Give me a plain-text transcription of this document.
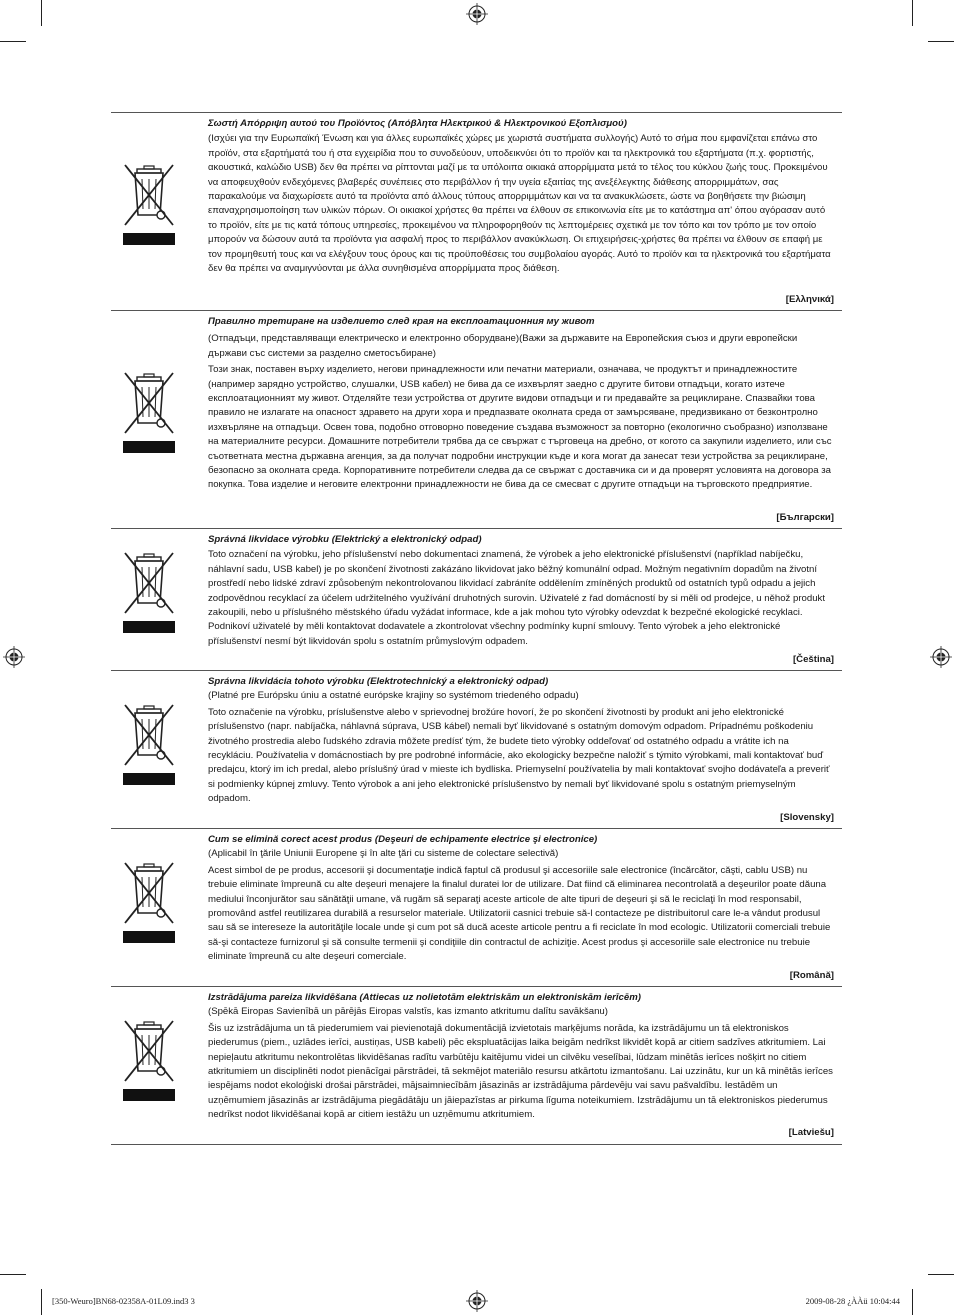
Σωστή Απόρριψη αυτού του Προϊόντος (Απόβλητα Ηλεκτρικού & Ηλεκτρονικού Εξοπλισμού)

(Ισχύει για την Ευρωπαϊκή Ένωση και για άλλες ευρωπαϊκές χώρες με χωριστά συστήματα συλλογής) Αυτό το σήμα που εμφανίζεται επάνω στο προϊόν, στα εξαρτήματά του ή στα εγχειρίδια που το συνοδεύουν, υποδεικνύει ότι το προϊόν και τα ηλεκτρονικά του εξαρτήματα (π.χ. φορτιστής, ακουστικά, καλώδιο USB) δεν θα πρέπει να ρίπτονται μαζί με τα υπόλοιπα οικιακά απορρίμματα μετά το τέλος του κύκλου ζωής τους. Προκειμένου να αποφευχθούν ενδεχόμενες βλαβερές συνέπειες στο περιβάλλον ή την υγεία εξαιτίας της ανεξέλεγκτης διάθεσης απορριμμάτων, σας παρακαλούμε να διαχωρίσετε αυτό τα προϊόντα από άλλους τύπους απορριμμάτων και να τα ανακυκλώσετε, ώστε να βοηθήσετε την βιώσιμη επαναχρησιμοποίηση των υλικών πόρων. Οι οικιακοί χρήστες θα πρέπει να έλθουν σε επικοινωνία είτε με το κατάστημα απ' όπου αγόρασαν αυτό το προϊόν, είτε με τις κατά τόπους υπηρεσίες, προκειμένου να πληροφορηθούν τις λεπτομέρειες σχετικά με τον τόπο και τον τρόπο με τον οποίο μπορούν να δώσουν αυτά τα προϊόντα για ασφαλή προς το περιβάλλον ανακύκλωση. Οι επιχειρήσεις-χρήστες θα πρέπει να έλθουν σε επαφή με τον προμηθευτή τους και να ελέγξουν τους όρους και τις προϋποθέσεις του συμβολαίου αγοράς. Αυτό το προϊόν και τα ηλεκτρονικά του εξαρτήματα δεν θα πρέπει να αναμιγνύονται με άλλα συνηθισμένα απορρίμματα προς διάθεση.

[Ελληνικά]

Правилно третиране на изделието след края на експлоатационния му живот

(Отпадъци, представляващи електрическо и електронно оборудване)(Важи за държавите на Европейския съюз и други европейски държави със системи за разделно сметосъбиране)

Този знак, поставен върху изделието, негови принадлежности или печатни материали, означава, че продуктът и принадлежностите (например зарядно устройство, слушалки, USB кабел) не бива да се изхвърлят заедно с другите битови отпадъци, когато изтече експлоатационният му живот. Отделяйте тези устройства от другите видови отпадъци и ги предавайте за рециклиране. Спазвайки това правило не излагате на опасност здравето на други хора и предпазвате околната среда от замърсяване, предизвикано от безконтролно изхвърляне на отпадъци. Освен това, подобно отговорно поведение създава възможност за повторно (екологично съобразно) използване на материалните ресурси. Домашните потребители трябва да се свържат с търговеца на дребно, от когото са закупили изделието, или със съответната местна държавна агенция, за да получат подробни инструкции къде и кога могат да занесат тези устройства за рециклиране, безопасно за околната среда. Корпоративните потребители следва да се свържат с доставчика си и да проверят условията на договора за покупка. Това изделие и неговите електронни принадлежности не бива да се смесват с другите отпадъци на търговското предприятие.

[Български]

Správná likvidace výrobku (Elektrický a elektronický odpad)

Toto označení na výrobku, jeho příslušenství nebo dokumentaci znamená, že výrobek a jeho elektronické příslušenství (například nabíječku, náhlavní sadu, USB kabel) je po skončení životnosti zakázáno likvidovat jako běžný komunální odpad. Možným negativním dopadům na životní prostředí nebo lidské zdraví způsobeným nekontrolovanou likvidací zabráníte oddělením zmíněných produktů od ostatních typů odpadu a jejich zodpovědnou recyklací za účelem udržitelného využívání druhotných surovin. Uživatelé z řad domácností by si měli od prodejce, u něhož produkt zakoupili, nebo u příslušného městského úřadu vyžádat informace, kde a jak mohou tyto výrobky odevzdat k bezpečné ekologické recyklaci. Podnikoví uživatelé by měli kontaktovat dodavatele a zkontrolovat všechny podmínky kupní smlouvy. Tento výrobek a jeho elektronické příslušenství nesmí být likvidován spolu s ostatním průmyslovým odpadem.

[Čeština]

Správna likvidácia tohoto výrobku (Elektrotechnický a elektronický odpad)

(Platné pre Európsku úniu a ostatné európske krajiny so systémom triedeného odpadu)

Toto označenie na výrobku, príslušenstve alebo v sprievodnej brožúre hovorí, že po skončení životnosti by produkt ani jeho elektronické príslušenstvo (napr. nabíjačka, náhlavná súprava, USB kábel) nemali byť likvidované s ostatným domovým odpadom. Prípadnému poškodeniu životného prostredia alebo ľudského zdravia môžete predísť tým, že budete tieto výrobky oddeľovať od ostatného odpadu a vrátite ich na recykláciu. Používatelia v domácnostiach by pre podrobné informácie, ako ekologicky bezpečne naložiť s týmito výrobkami, mali kontaktovať buď predajcu, ktorý im ich predal, alebo príslušný úrad v mieste ich bydliska. Priemyselní používatelia by mali kontaktovať svojho dodávateľa a preveriť si podmienky kúpnej zmluvy. Tento výrobok a ani jeho elektronické príslušenstvo by nemali byť likvidované spolu s ostatným priemyselným odpadom.

[Slovensky]

Cum se elimină corect acest produs (Deşeuri de echipamente electrice şi electronice)

(Aplicabil în ţările Uniunii Europene şi în alte ţări cu sisteme de colectare selectivă)

Acest simbol de pe produs, accesorii şi documentaţie indică faptul că produsul şi accesoriile sale electronice (încărcător, căşti, cablu USB) nu trebuie eliminate împreună cu alte deşeuri menajere la finalul duratei lor de utilizare. Dat fiind că eliminarea necontrolată a deşeurilor poate dăuna mediului înconjurător sau sănătăţii umane, vă rugăm să separaţi aceste articole de alte tipuri de deşeuri şi să le reciclaţi în mod responsabil, promovând astfel reutilizarea durabilă a resurselor materiale. Utilizatorii casnici trebuie să-l contacteze pe distribuitorul care le-a vândut produsul sau să se intereseze la autorităţile locale unde şi cum pot să ducă aceste articole pentru a fi reciclate în mod ecologic. Utilizatorii comerciali trebuie să-şi contacteze furnizorul şi să consulte termenii şi condiţiile din contractul de achiziţie. Acest produs şi accesoriile sale electronice nu trebuie eliminate împreună cu alte deşeuri comerciale.

[Română]

Izstrādājuma pareiza likvidēšana (Attiecas uz nolietotām elektriskām un elektroniskām ierīcēm)

(Spēkā Eiropas Savienībā un pārējās Eiropas valstīs, kas izmanto atkritumu dalītu savākšanu)

Šis uz izstrādājuma un tā piederumiem vai pievienotajā dokumentācijā izvietotais marķējums norāda, ka izstrādājumu un tā elektroniskos piederumus (piem., uzlādes ierīci, austiņas, USB kabeli) pēc ekspluatācijas laika beigām nedrīkst likvidēt kopā ar citiem sadzīves atkritumiem. Lai nepieļautu atkritumu nekontrolētas likvidēšanas radītu varbūtēju kaitējumu videi un cilvēku veselībai, lūdzam minētās ierīces nošķirt no citiem atkritumiem un disciplinēti nodot pienācīgai pārstrādei, tā sekmējot materiālo resursu atkārtotu izmantošanu. Lai uzzinātu, kur un kā minētās ierīces iespējams nodot ekoloģiski drošai pārstrādei, mājsaimniecībām jāsazinās ar izstrādājuma pārdevēju vai savu pašvaldību. Iestādēm un uzņēmumiem jāsazinās ar izstrādājuma piegādātāju un jāiepazīstas ar pirkuma līguma noteikumiem. Izstrādājumu un tā elektroniskos piederumus nedrīkst nodot likvidēšanai kopā ar citiem iestāžu un uzņēmumu atkritumiem.

[Latviešu]
[350-Weuro]BN68-02358A-01L09.ind3 3	2009-08-28 ¿ÀÀü 10:04:44
